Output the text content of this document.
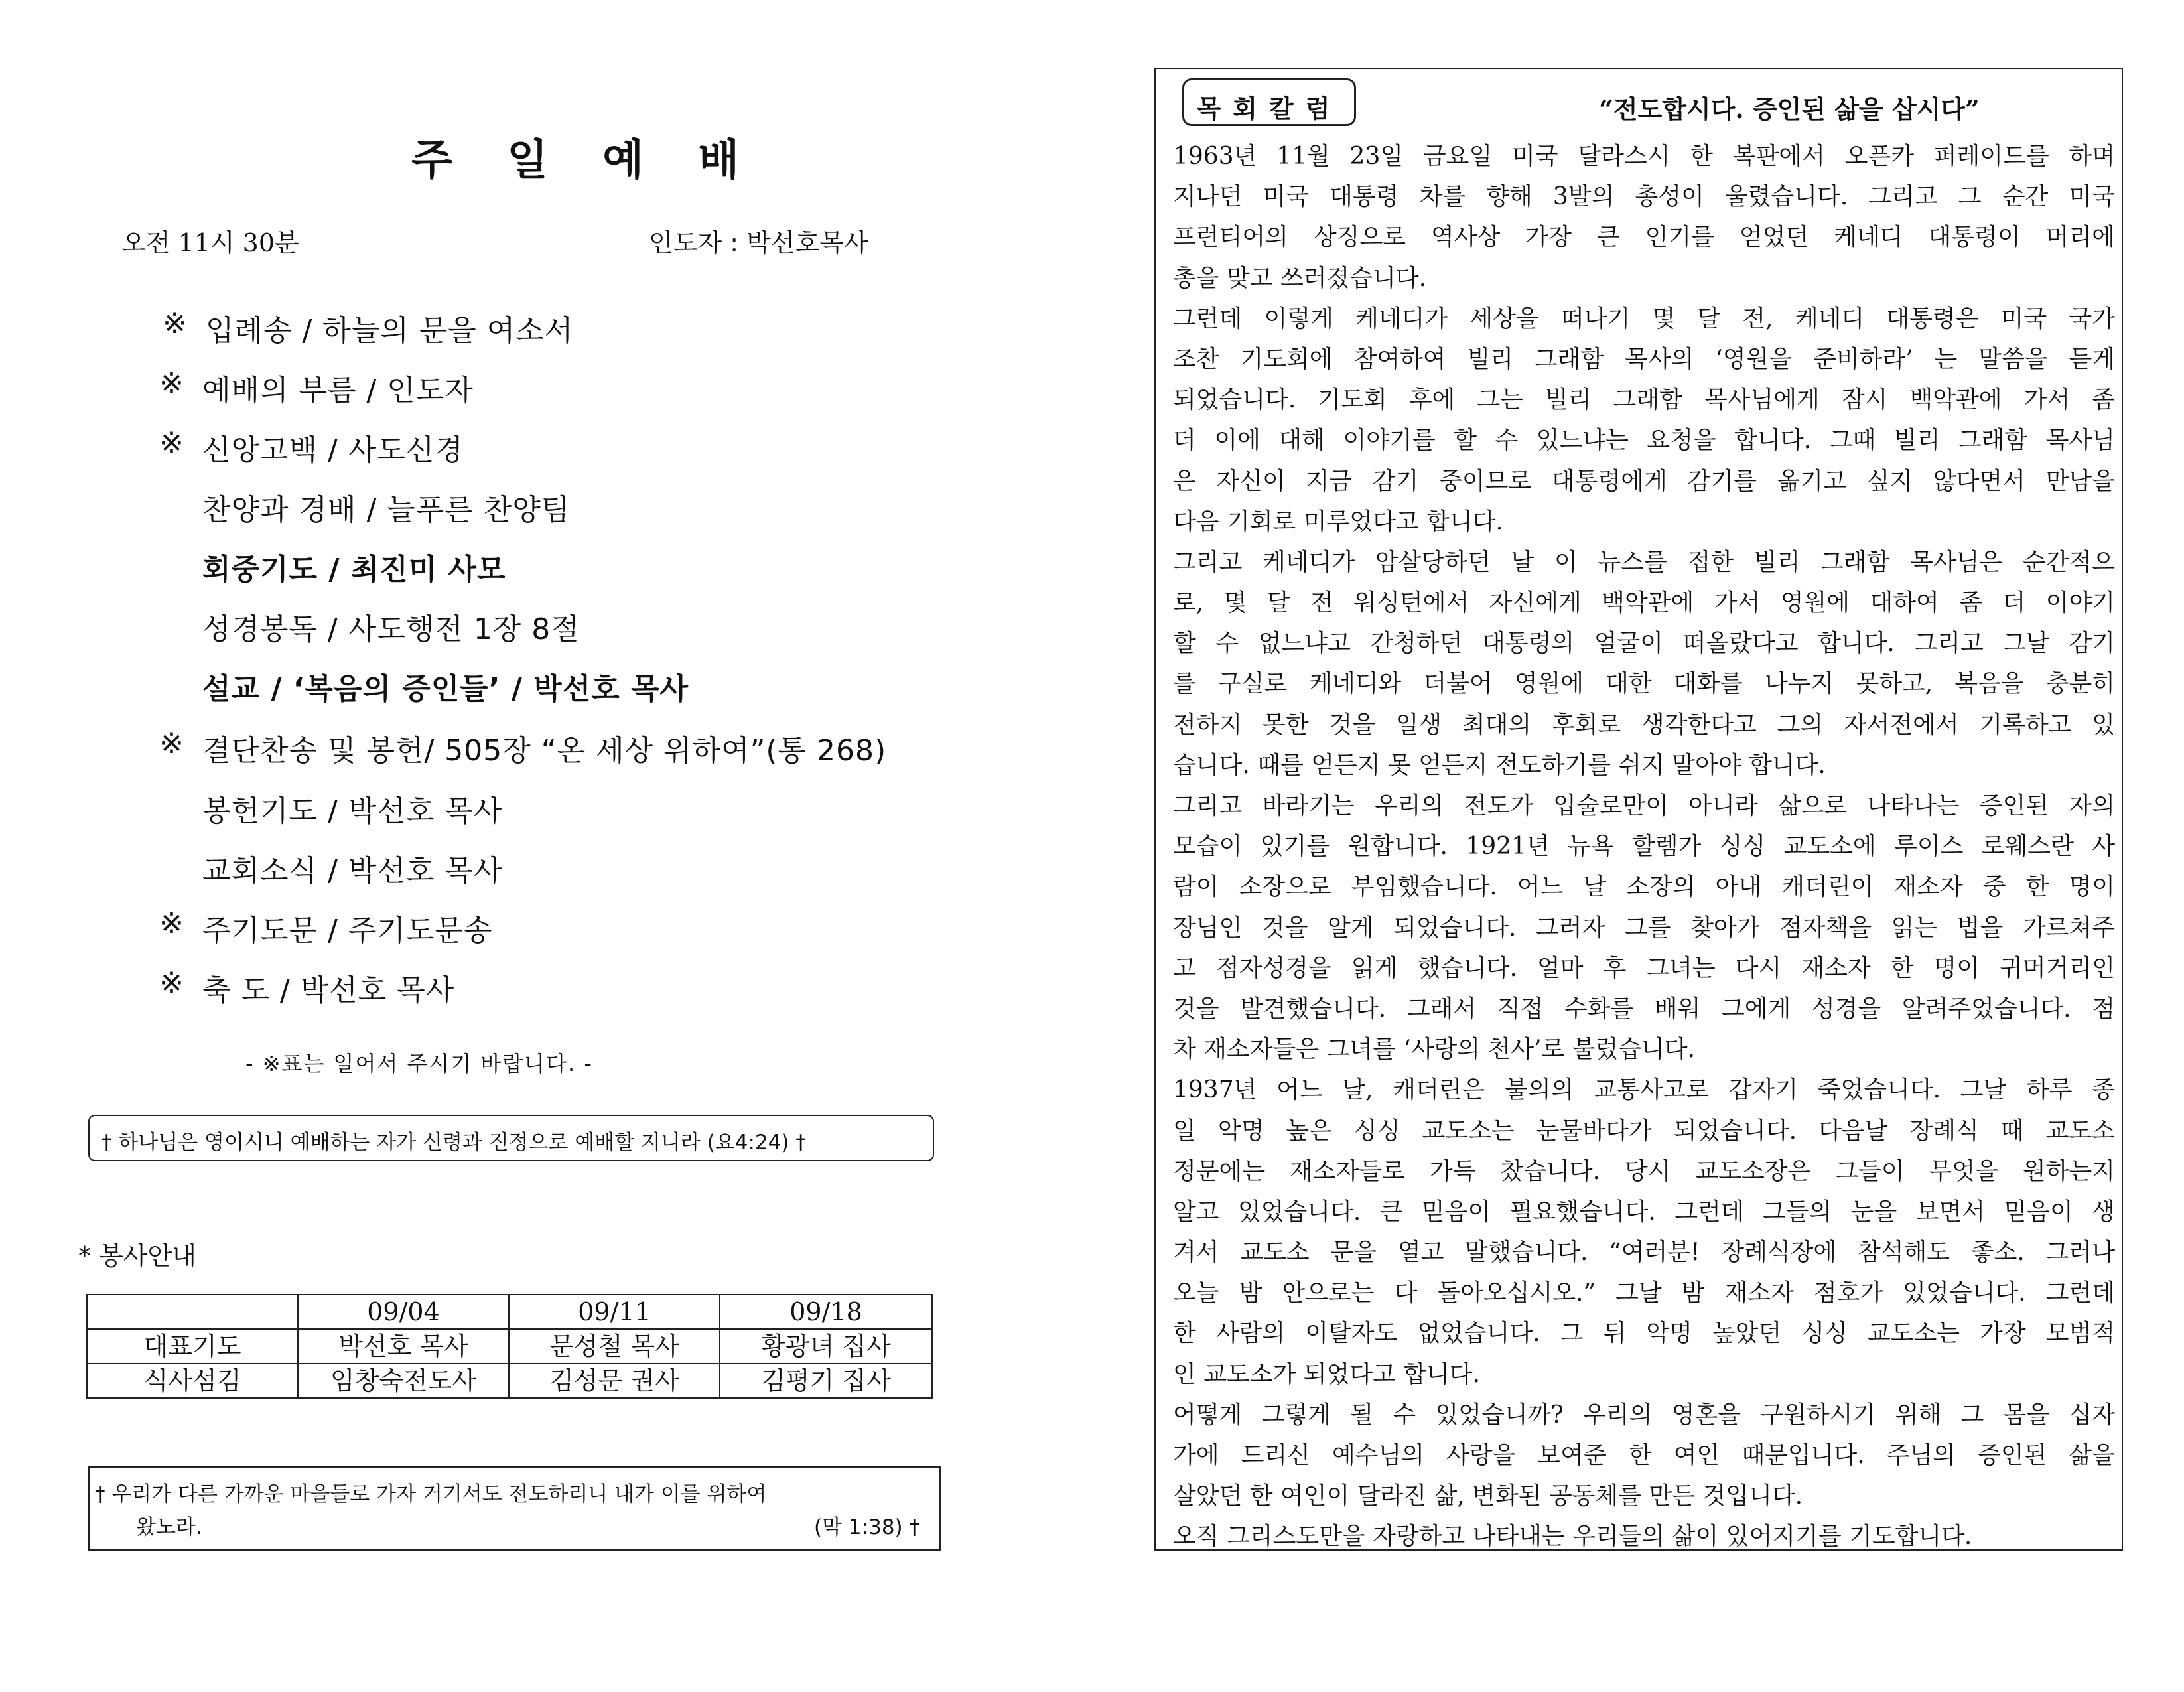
주 일 예 배
오전 11시 30분	인도자 : 박선호목사
※ 입례송 / 하늘의 문을 여소서
※ 예배의 부름 / 인도자
※ 신앙고백 / 사도신경
찬양과 경배 / 늘푸른 찬양팀
회중기도 / 최진미 사모
성경봉독 / 사도행전 1장 8절
설교 / ‘복음의 증인들’ / 박선호 목사
※ 결단찬송 및 봉헌/ 505장 “온 세상 위하여”(통 268)
봉헌기도 / 박선호 목사
교회소식 / 박선호 목사
※ 주기도문 / 주기도문송
※ 축 도 / 박선호 목사
- ※표는 일어서 주시기 바랍니다. -
† 하나님은 영이시니 예배하는 자가 신령과 진정으로 예배할 지니라 (요4:24) †
* 봉사안내
	09/04	09/11	09/18
대표기도	박선호 목사	문성철 목사	황광녀 집사
식사섬김	임창숙전도사	김성문 권사	김평기 집사
† 우리가 다른 가까운 마을들로 가자 거기서도 전도하리니 내가 이를 위하여
왔노라.	(막 1:38) †
목회칼럼	“전도합시다. 증인된 삶을 삽시다”
1963년 11월 23일 금요일 미국 달라스시 한 복판에서 오픈카 퍼레이드를 하며
지나던 미국 대통령 차를 향해 3발의 총성이 울렸습니다. 그리고 그 순간 미국
프런티어의 상징으로 역사상 가장 큰 인기를 얻었던 케네디 대통령이 머리에
총을 맞고 쓰러졌습니다.
그런데 이렇게 케네디가 세상을 떠나기 몇 달 전, 케네디 대통령은 미국 국가
조찬 기도회에 참여하여 빌리 그래함 목사의 ‘영원을 준비하라’ 는 말씀을 듣게
되었습니다. 기도회 후에 그는 빌리 그래함 목사님에게 잠시 백악관에 가서 좀
더 이에 대해 이야기를 할 수 있느냐는 요청을 합니다. 그때 빌리 그래함 목사님
은 자신이 지금 감기 중이므로 대통령에게 감기를 옮기고 싶지 않다면서 만남을
다음 기회로 미루었다고 합니다.
그리고 케네디가 암살당하던 날 이 뉴스를 접한 빌리 그래함 목사님은 순간적으
로, 몇 달 전 워싱턴에서 자신에게 백악관에 가서 영원에 대하여 좀 더 이야기
할 수 없느냐고 간청하던 대통령의 얼굴이 떠올랐다고 합니다. 그리고 그날 감기
를 구실로 케네디와 더불어 영원에 대한 대화를 나누지 못하고, 복음을 충분히
전하지 못한 것을 일생 최대의 후회로 생각한다고 그의 자서전에서 기록하고 있
습니다. 때를 얻든지 못 얻든지 전도하기를 쉬지 말아야 합니다.
그리고 바라기는 우리의 전도가 입술로만이 아니라 삶으로 나타나는 증인된 자의
모습이 있기를 원합니다. 1921년 뉴욕 할렘가 싱싱 교도소에 루이스 로웨스란 사
람이 소장으로 부임했습니다. 어느 날 소장의 아내 캐더린이 재소자 중 한 명이
장님인 것을 알게 되었습니다. 그러자 그를 찾아가 점자책을 읽는 법을 가르쳐주
고 점자성경을 읽게 했습니다. 얼마 후 그녀는 다시 재소자 한 명이 귀머거리인
것을 발견했습니다. 그래서 직접 수화를 배워 그에게 성경을 알려주었습니다. 점
차 재소자들은 그녀를 ‘사랑의 천사’로 불렀습니다.
1937년 어느 날, 캐더린은 불의의 교통사고로 갑자기 죽었습니다. 그날 하루 종
일 악명 높은 싱싱 교도소는 눈물바다가 되었습니다. 다음날 장례식 때 교도소
정문에는 재소자들로 가득 찼습니다. 당시 교도소장은 그들이 무엇을 원하는지
알고 있었습니다. 큰 믿음이 필요했습니다. 그런데 그들의 눈을 보면서 믿음이 생
겨서 교도소 문을 열고 말했습니다. “여러분! 장례식장에 참석해도 좋소. 그러나
오늘 밤 안으로는 다 돌아오십시오.” 그날 밤 재소자 점호가 있었습니다. 그런데
한 사람의 이탈자도 없었습니다. 그 뒤 악명 높았던 싱싱 교도소는 가장 모범적
인 교도소가 되었다고 합니다.
어떻게 그렇게 될 수 있었습니까? 우리의 영혼을 구원하시기 위해 그 몸을 십자
가에 드리신 예수님의 사랑을 보여준 한 여인 때문입니다. 주님의 증인된 삶을
살았던 한 여인이 달라진 삶, 변화된 공동체를 만든 것입니다.
오직 그리스도만을 자랑하고 나타내는 우리들의 삶이 있어지기를 기도합니다.
